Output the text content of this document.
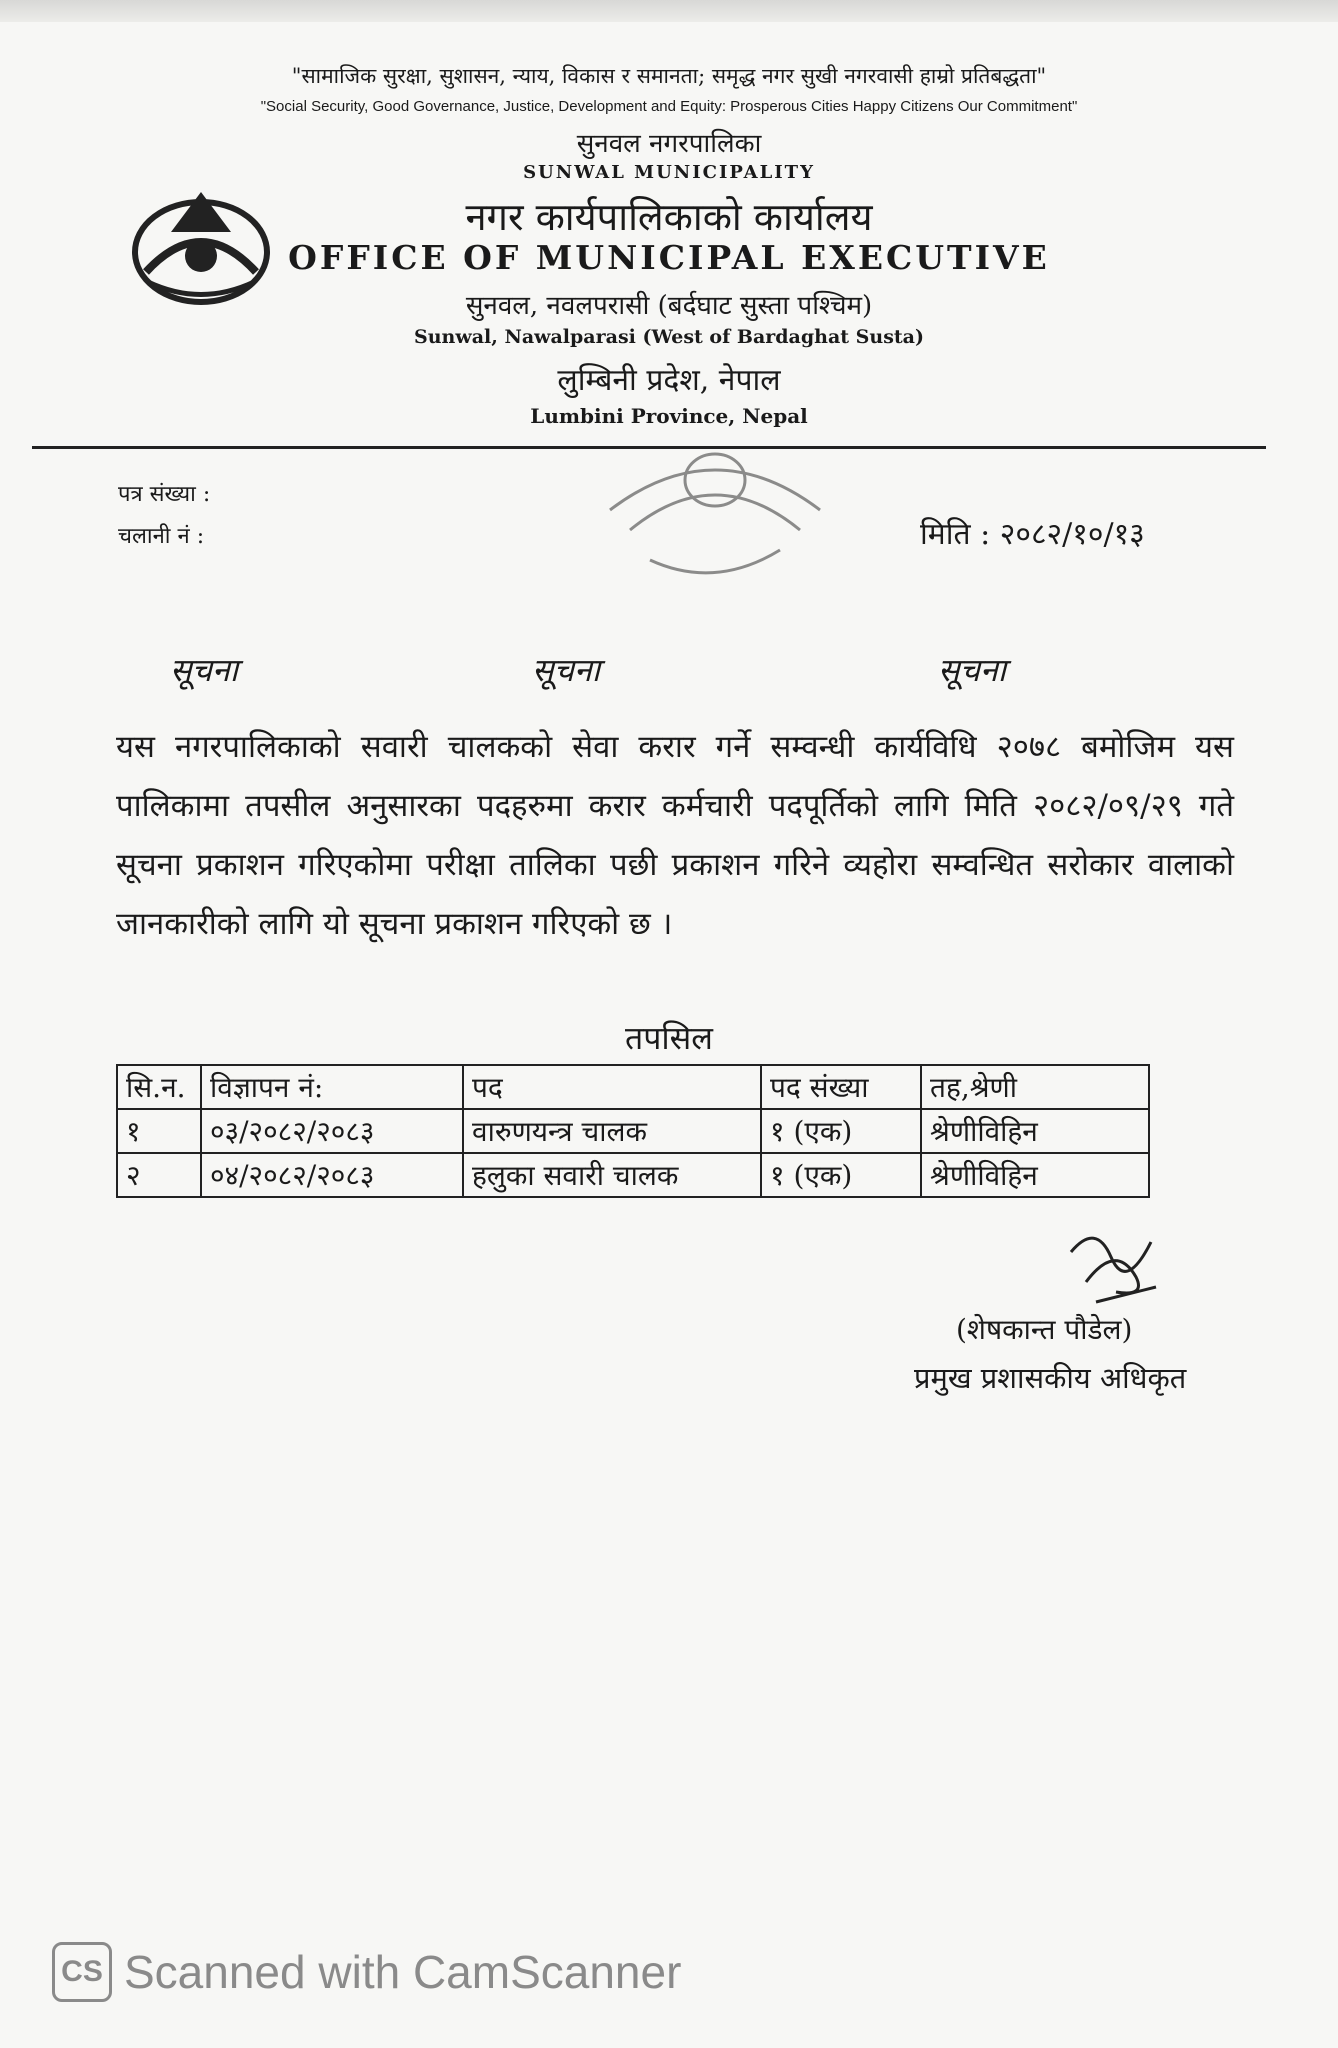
"सामाजिक सुरक्षा, सुशासन, न्याय, विकास र समानता; समृद्ध नगर सुखी नगरवासी हाम्रो प्रतिबद्धता"
"Social Security, Good Governance, Justice, Development and Equity: Prosperous Cities Happy Citizens Our Commitment"
सुनवल नगरपालिका
SUNWAL MUNICIPALITY
नगर कार्यपालिकाको कार्यालय
OFFICE OF MUNICIPAL EXECUTIVE
सुनवल, नवलपरासी (बर्दघाट सुस्ता पश्चिम)
Sunwal, Nawalparasi (West of Bardaghat Susta)
लुम्बिनी प्रदेश, नेपाल
Lumbini Province, Nepal
पत्र संख्या :
चलानी नं :	मिति : २०८२/१०/१३
सूचना	सूचना	सूचना
यस नगरपालिकाको सवारी चालकको सेवा करार गर्ने सम्वन्धी कार्यविधि २०७८ बमोजिम यस पालिकामा तपसील अनुसारका पदहरुमा करार कर्मचारी पदपूर्तिको लागि मिति २०८२/०९/२९ गते सूचना प्रकाशन गरिएकोमा परीक्षा तालिका पछी प्रकाशन गरिने व्यहोरा सम्वन्धित सरोकार वालाको जानकारीको लागि यो सूचना प्रकाशन गरिएको छ ।
तपसिल
सि.न.	विज्ञापन नं:	पद	पद संख्या	तह,श्रेणी
१	०३/२०८२/२०८३	वारुणयन्त्र चालक	१ (एक)	श्रेणीविहिन
२	०४/२०८२/२०८३	हलुका सवारी चालक	१ (एक)	श्रेणीविहिन
(शेषकान्त पौडेल)
प्रमुख प्रशासकीय अधिकृत
CS Scanned with CamScanner
